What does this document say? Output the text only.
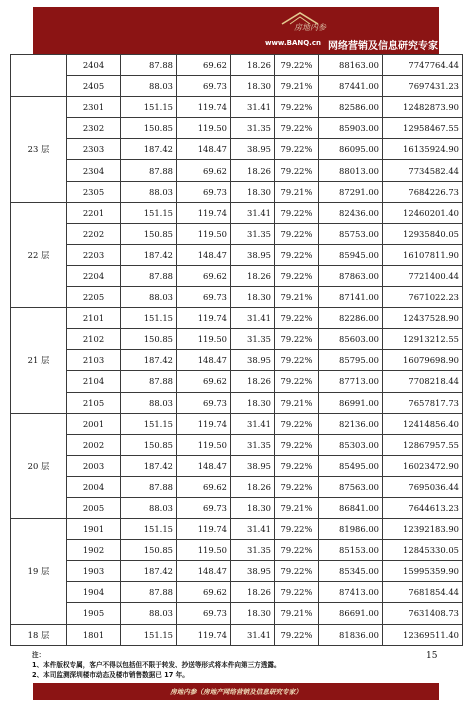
房地内参
www.BANQ.cn 网络营销及信息研究专家
	2404	87.88	69.62	18.26	79.22%	88163.00	7747764.44
	2405	88.03	69.73	18.30	79.21%	87441.00	7697431.23
23 层	2301	151.15	119.74	31.41	79.22%	82586.00	12482873.90
	2302	150.85	119.50	31.35	79.22%	85903.00	12958467.55
	2303	187.42	148.47	38.95	79.22%	86095.00	16135924.90
	2304	87.88	69.62	18.26	79.22%	88013.00	7734582.44
	2305	88.03	69.73	18.30	79.21%	87291.00	7684226.73
22 层	2201	151.15	119.74	31.41	79.22%	82436.00	12460201.40
	2202	150.85	119.50	31.35	79.22%	85753.00	12935840.05
	2203	187.42	148.47	38.95	79.22%	85945.00	16107811.90
	2204	87.88	69.62	18.26	79.22%	87863.00	7721400.44
	2205	88.03	69.73	18.30	79.21%	87141.00	7671022.23
21 层	2101	151.15	119.74	31.41	79.22%	82286.00	12437528.90
	2102	150.85	119.50	31.35	79.22%	85603.00	12913212.55
	2103	187.42	148.47	38.95	79.22%	85795.00	16079698.90
	2104	87.88	69.62	18.26	79.22%	87713.00	7708218.44
	2105	88.03	69.73	18.30	79.21%	86991.00	7657817.73
20 层	2001	151.15	119.74	31.41	79.22%	82136.00	12414856.40
	2002	150.85	119.50	31.35	79.22%	85303.00	12867957.55
	2003	187.42	148.47	38.95	79.22%	85495.00	16023472.90
	2004	87.88	69.62	18.26	79.22%	87563.00	7695036.44
	2005	88.03	69.73	18.30	79.21%	86841.00	7644613.23
19 层	1901	151.15	119.74	31.41	79.22%	81986.00	12392183.90
	1902	150.85	119.50	31.35	79.22%	85153.00	12845330.05
	1903	187.42	148.47	38.95	79.22%	85345.00	15995359.90
	1904	87.88	69.62	18.26	79.22%	87413.00	7681854.44
	1905	88.03	69.73	18.30	79.21%	86691.00	7631408.73
18 层	1801	151.15	119.74	31.41	79.22%	81836.00	12369511.40
注：
1、本件版权专属，客户不得以包括但不限于转发、抄送等形式将本件向第三方透露。
2、本司监测深圳楼市动态及楼市销售数据已 17 年。
15
房地内参（房地产网络营销及信息研究专家）
